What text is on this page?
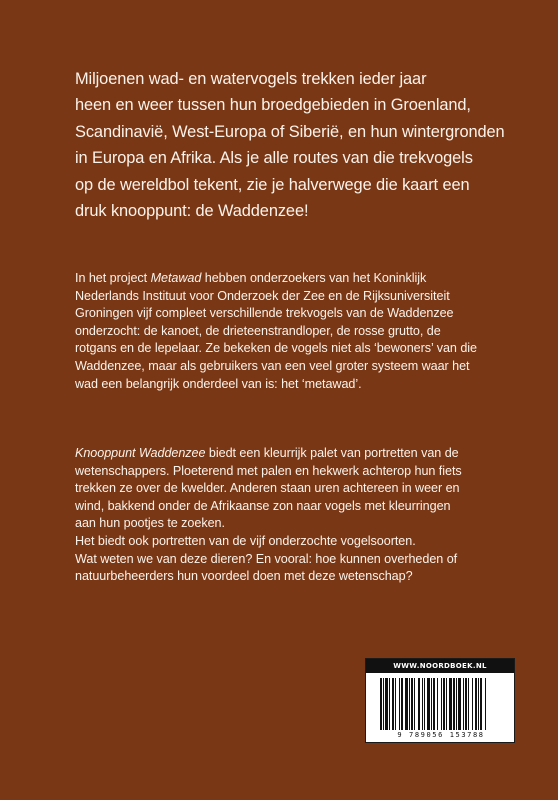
Miljoenen wad- en watervogels trekken ieder jaar

heen en weer tussen hun broedgebieden in Groenland,

Scandinavië, West-Europa of Siberië, en hun wintergronden

in Europa en Afrika. Als je alle routes van die trekvogels

op de wereldbol tekent, zie je halverwege die kaart een

druk knooppunt: de Waddenzee!

In het project Metawad hebben onderzoekers van het Koninklijk

Nederlands Instituut voor Onderzoek der Zee en de Rijksuniversiteit

Groningen vijf compleet verschillende trekvogels van de Waddenzee

onderzocht: de kanoet, de drieteenstrandloper, de rosse grutto, de

rotgans en de lepelaar. Ze bekeken de vogels niet als ‘bewoners’ van die

Waddenzee, maar als gebruikers van een veel groter systeem waar het

wad een belangrijk onderdeel van is: het ‘metawad’.

Knooppunt Waddenzee biedt een kleurrijk palet van portretten van de

wetenschappers. Ploeterend met palen en hekwerk achterop hun fiets

trekken ze over de kwelder. Anderen staan uren achtereen in weer en

wind, bakkend onder de Afrikaanse zon naar vogels met kleurringen

aan hun pootjes te zoeken.

Het biedt ook portretten van de vijf onderzochte vogelsoorten.

Wat weten we van deze dieren? En vooral: hoe kunnen overheden of

natuurbeheerders hun voordeel doen met deze wetenschap?

WWW.NOORDBOEK.NL
9 789056 153788
